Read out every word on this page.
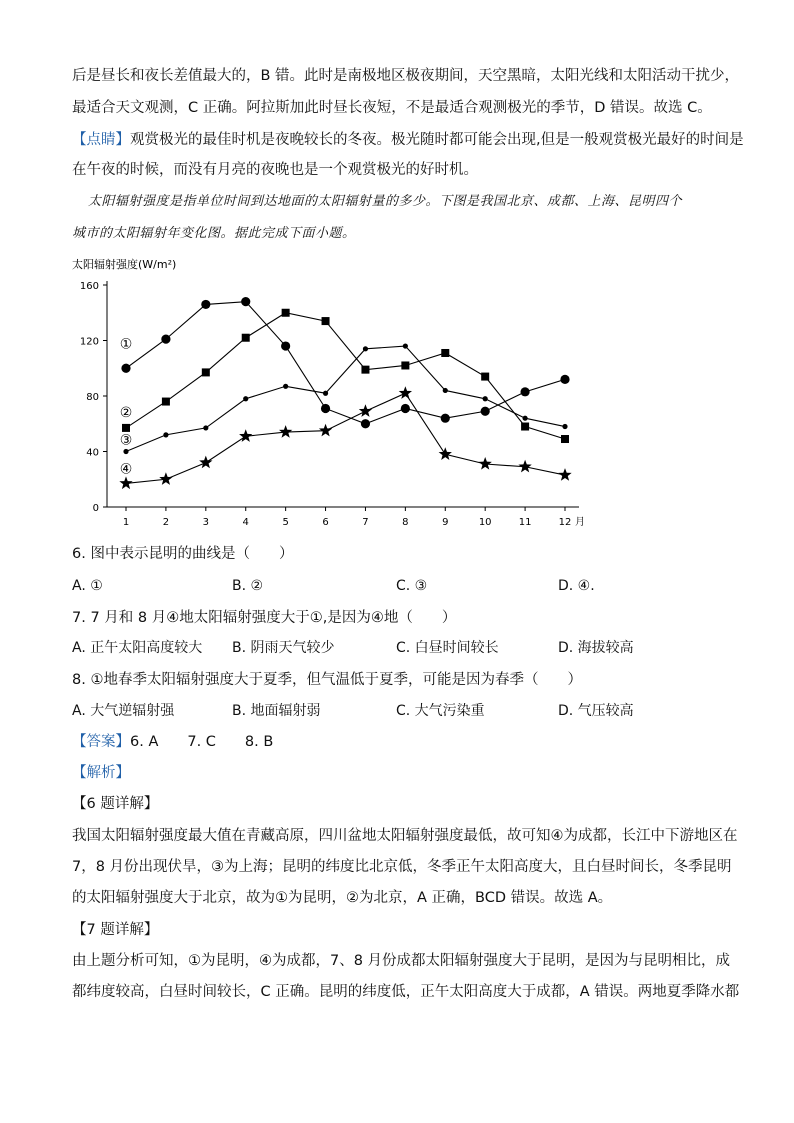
后是昼长和夜长差值最大的，B 错。此时是南极地区极夜期间，天空黑暗，太阳光线和太阳活动干扰少，
最适合天文观测，C 正确。阿拉斯加此时昼长夜短，不是最适合观测极光的季节，D 错误。故选 C。
【点睛】观赏极光的最佳时机是夜晚较长的冬夜。极光随时都可能会出现,但是一般观赏极光最好的时间是
在午夜的时候，而没有月亮的夜晚也是一个观赏极光的好时机。
太阳辐射强度是指单位时间到达地面的太阳辐射量的多少。下图是我国北京、成都、上海、昆明四个
城市的太阳辐射年变化图。据此完成下面小题。
太阳辐射强度(W/m²)
0
40
80
120
160
1	2	3	4	5	6	7	8	9	10	11	12 月
①
②
③
④
6. 图中表示昆明的曲线是（　　）
A. ①	B. ②	C. ③	D. ④.
7. 7 月和 8 月④地太阳辐射强度大于①,是因为④地（　　）
A. 正午太阳高度较大 B. 阴雨天气较少	C. 白昼时间较长	D. 海拔较高
8. ①地春季太阳辐射强度大于夏季，但气温低于夏季，可能是因为春季（　　）
A. 大气逆辐射强	B. 地面辐射弱	C. 大气污染重	D. 气压较高
【答案】6. A　　7. C　　8. B
【解析】
【6 题详解】
我国太阳辐射强度最大值在青藏高原，四川盆地太阳辐射强度最低，故可知④为成都，长江中下游地区在
7，8 月份出现伏旱，③为上海；昆明的纬度比北京低，冬季正午太阳高度大，且白昼时间长，冬季昆明
的太阳辐射强度大于北京，故为①为昆明，②为北京，A 正确，BCD 错误。故选 A。
【7 题详解】
由上题分析可知，①为昆明，④为成都，7、8 月份成都太阳辐射强度大于昆明，是因为与昆明相比，成
都纬度较高，白昼时间较长，C 正确。昆明的纬度低，正午太阳高度大于成都，A 错误。两地夏季降水都
